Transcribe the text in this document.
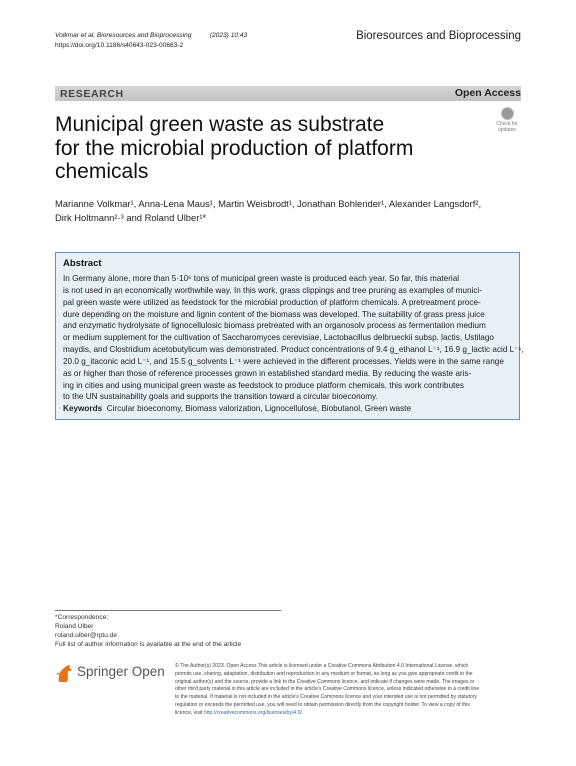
Volkmar et al. Bioresources and Bioprocessing	(2023) 10:43
https://doi.org/10.1186/s40643-023-00663-2
Bioresources and Bioprocessing
RESEARCH	Open Access
Check for
updates
Municipal green waste as substrate
for the microbial production of platform
chemicals
Marianne Volkmar¹, Anna-Lena Maus¹, Martin Weisbrodt¹, Jonathan Bohlender¹, Alexander Langsdorf²,
Dirk Holtmann²·³ and Roland Ulber¹*
Abstract
In Germany alone, more than 5·10⁶ tons of municipal green waste is produced each year. So far, this material
is not used in an economically worthwhile way. In this work, grass clippings and tree pruning as examples of munici-
pal green waste were utilized as feedstock for the microbial production of platform chemicals. A pretreatment proce-
dure depending on the moisture and lignin content of the biomass was developed. The suitability of grass press juice
and enzymatic hydrolysate of lignocellulosic biomass pretreated with an organosolv process as fermentation medium
or medium supplement for the cultivation of Saccharomyces cerevisiae, Lactobacillus delbrueckii subsp. lactis, Ustilago
maydis, and Clostridium acetobutylicum was demonstrated. Product concentrations of 9.4 g_ethanol L⁻¹, 16.9 g_lactic acid L⁻¹,
20.0 g_itaconic acid L⁻¹, and 15.5 g_solvents L⁻¹ were achieved in the different processes. Yields were in the same range
as or higher than those of reference processes grown in established standard media. By reducing the waste aris-
ing in cities and using municipal green waste as feedstock to produce platform chemicals, this work contributes
to the UN sustainability goals and supports the transition toward a circular bioeconomy.
Keywords Circular bioeconomy, Biomass valorization, Lignocellulose, Biobutanol, Green waste
*Correspondence:
Roland Ulber
roland.ulber@rptu.de
Full list of author information is available at the end of the article
Springer Open © The Author(s) 2023. Open Access This article is licensed under a Creative Commons Attribution 4.0 International License, which
permits use, sharing, adaptation, distribution and reproduction in any medium or format, as long as you give appropriate credit to the
original author(s) and the source, provide a link to the Creative Commons licence, and indicate if changes were made. The images or
other third party material in this article are included in the article's Creative Commons licence, unless indicated otherwise in a credit line
to the material. If material is not included in the article's Creative Commons licence and your intended use is not permitted by statutory
regulation or exceeds the permitted use, you will need to obtain permission directly from the copyright holder. To view a copy of this
licence, visit http://creativecommons.org/licenses/by/4.0/.
